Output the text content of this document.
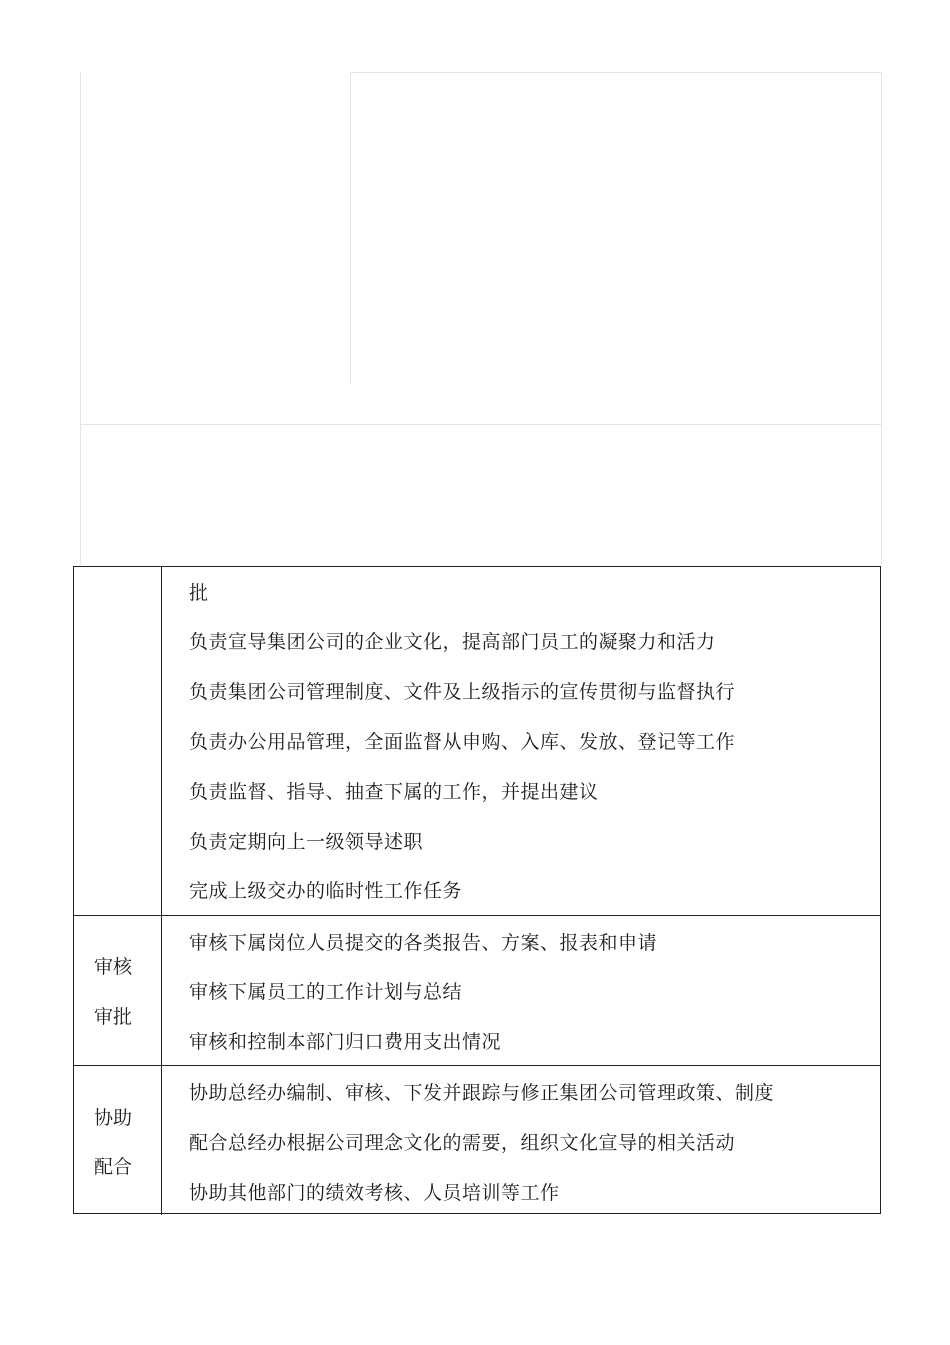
批
负责宣导集团公司的企业文化，提高部门员工的凝聚力和活力
负责集团公司管理制度、文件及上级指示的宣传贯彻与监督执行
负责办公用品管理，全面监督从申购、入库、发放、登记等工作
负责监督、指导、抽查下属的工作，并提出建议
负责定期向上一级领导述职
完成上级交办的临时性工作任务
审核
审批
审核下属岗位人员提交的各类报告、方案、报表和申请
审核下属员工的工作计划与总结
审核和控制本部门归口费用支出情况
协助
配合
协助总经办编制、审核、下发并跟踪与修正集团公司管理政策、制度
配合总经办根据公司理念文化的需要，组织文化宣导的相关活动
协助其他部门的绩效考核、人员培训等工作
